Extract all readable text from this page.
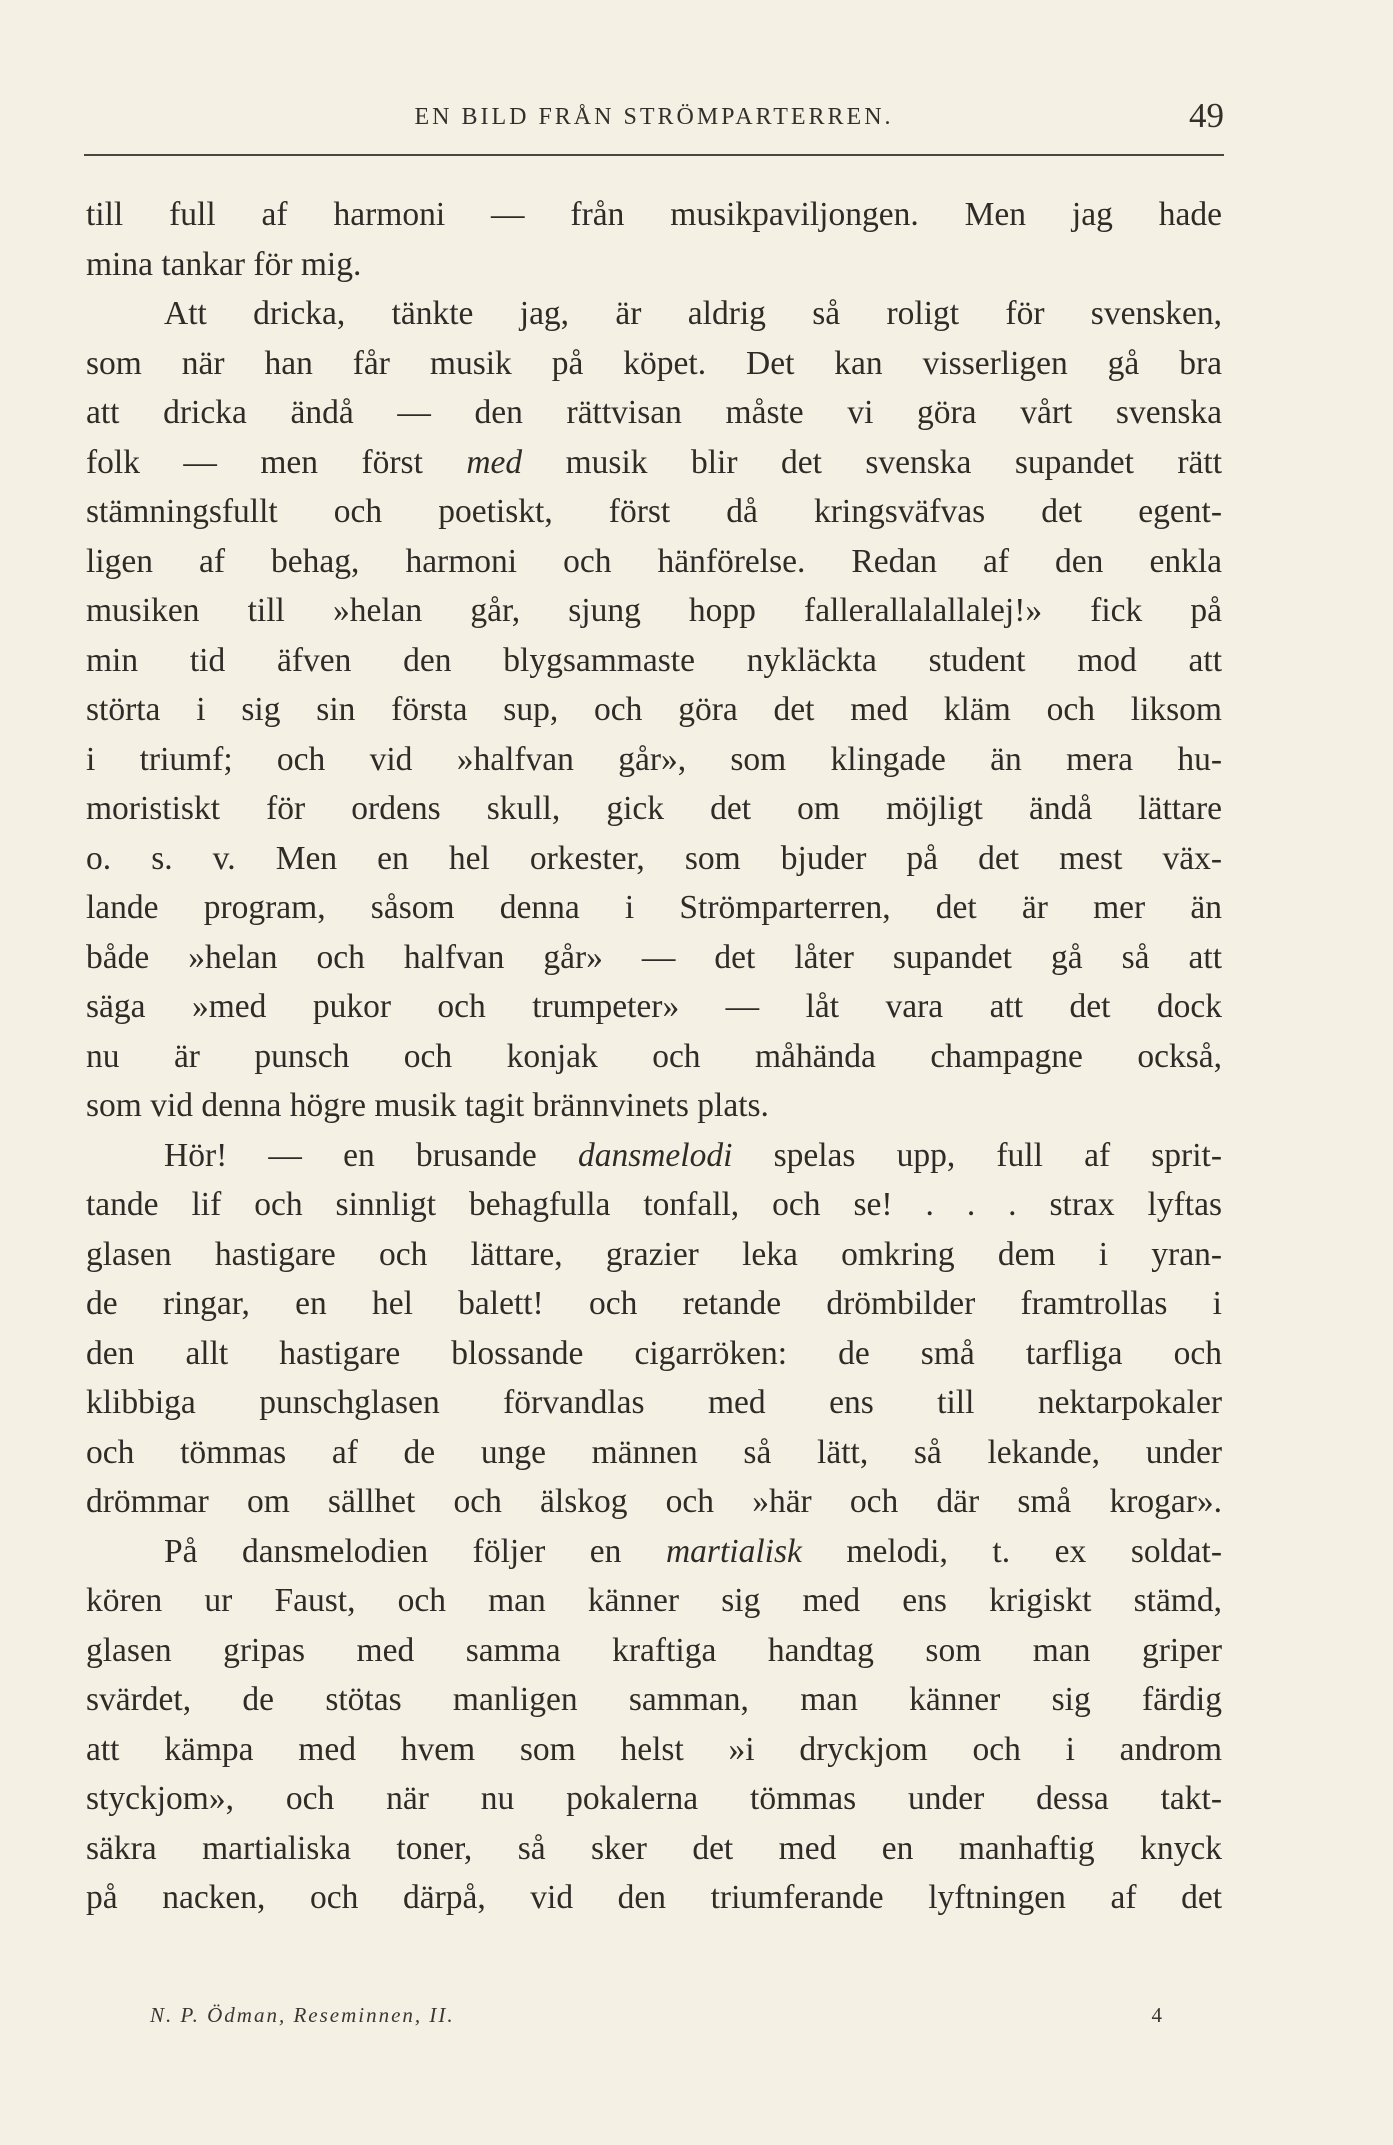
EN BILD FRÅN STRÖMPARTERREN.	49
till full af harmoni — från musikpaviljongen. Men jag hade
mina tankar för mig.
Att dricka, tänkte jag, är aldrig så roligt för svensken,
som när han får musik på köpet. Det kan visserligen gå bra
att dricka ändå — den rättvisan måste vi göra vårt svenska
folk — men först med musik blir det svenska supandet rätt
stämningsfullt och poetiskt, först då kringsväfvas det egent-
ligen af behag, harmoni och hänförelse. Redan af den enkla
musiken till »helan går, sjung hopp fallerallalallalej!» fick på
min tid äfven den blygsammaste nykläckta student mod att
störta i sig sin första sup, och göra det med kläm och liksom
i triumf; och vid »halfvan går», som klingade än mera hu-
moristiskt för ordens skull, gick det om möjligt ändå lättare
o. s. v. Men en hel orkester, som bjuder på det mest väx-
lande program, såsom denna i Strömparterren, det är mer än
både »helan och halfvan går» — det låter supandet gå så att
säga »med pukor och trumpeter» — låt vara att det dock
nu är punsch och konjak och måhända champagne också,
som vid denna högre musik tagit brännvinets plats.
Hör! — en brusande dansmelodi spelas upp, full af sprit-
tande lif och sinnligt behagfulla tonfall, och se! . . . strax lyftas
glasen hastigare och lättare, grazier leka omkring dem i yran-
de ringar, en hel balett! och retande drömbilder framtrollas i
den allt hastigare blossande cigarröken: de små tarfliga och
klibbiga punschglasen förvandlas med ens till nektarpokaler
och tömmas af de unge männen så lätt, så lekande, under
drömmar om sällhet och älskog och »här och där små krogar».
På dansmelodien följer en martialisk melodi, t. ex soldat-
kören ur Faust, och man känner sig med ens krigiskt stämd,
glasen gripas med samma kraftiga handtag som man griper
svärdet, de stötas manligen samman, man känner sig färdig
att kämpa med hvem som helst »i dryckjom och i androm
styckjom», och när nu pokalerna tömmas under dessa takt-
säkra martialiska toner, så sker det med en manhaftig knyck
på nacken, och därpå, vid den triumferande lyftningen af det
N. P. Ödman, Reseminnen, II.	4
